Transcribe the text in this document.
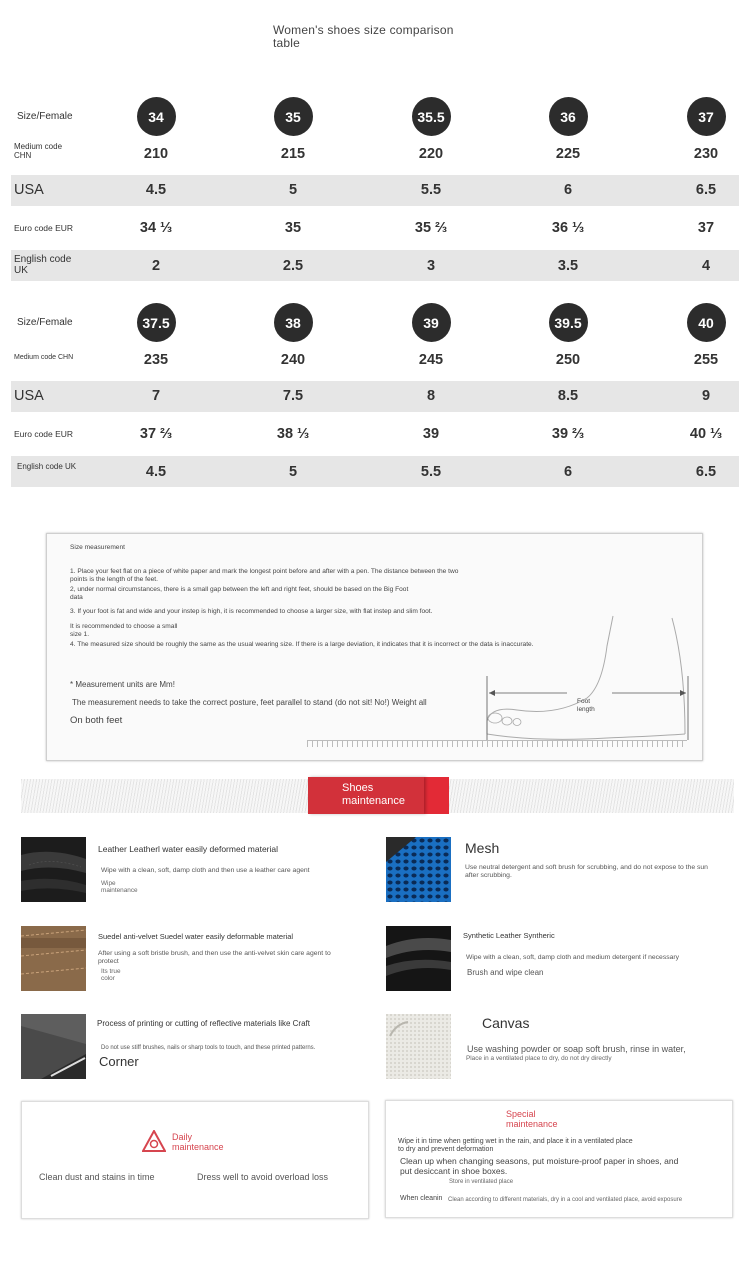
Women's shoes size comparison table
Size/Female	34	35	35.5	36	37
Medium code CHN	210	215	220	225	230
USA	4.5	5	5.5	6	6.5
Euro code EUR	34 ⅓	35	35 ⅔	36 ⅓	37
English code UK	2	2.5	3	3.5	4
Size/Female	37.5	38	39	39.5	40
Medium code CHN	235	240	245	250	255
USA	7	7.5	8	8.5	9
Euro code EUR	37 ⅔	38 ⅓	39	39 ⅔	40 ⅓
English code UK	4.5	5	5.5	6	6.5
Size measurement
1. Place your feet flat on a piece of white paper and mark the longest point before and after with a pen. The distance between the two points is the length of the feet.
2, under normal circumstances, there is a small gap between the left and right feet, should be based on the Big Foot data
3. If your foot is fat and wide and your instep is high, it is recommended to choose a larger size, with flat instep and slim foot.
It is recommended to choose a small size 1.
4. The measured size should be roughly the same as the usual wearing size. If there is a large deviation, it indicates that it is incorrect or the data is inaccurate.
* Measurement units are Mm!
The measurement needs to take the correct posture, feet parallel to stand (do not sit! No!) Weight all
On both feet
Foot length
Shoes maintenance
Leather Leatherl water easily deformed material
Wipe with a clean, soft, damp cloth and then use a leather care agent
Wipe maintenance
Mesh
Use neutral detergent and soft brush for scrubbing, and do not expose to the sun after scrubbing.
Suedel anti-velvet Suedel water easily deformable material
After using a soft bristle brush, and then use the anti-velvet skin care agent to protect
Its true color
Synthetic Leather Syntheric
Wipe with a clean, soft, damp cloth and medium detergent if necessary
Brush and wipe clean
Process of printing or cutting of reflective materials like Craft
Do not use stiff brushes, nails or sharp tools to touch, and these printed patterns.
Corner
Canvas
Use washing powder or soap soft brush, rinse in water,
Place in a ventilated place to dry, do not dry directly
Daily maintenance
Clean dust and stains in time	Dress well to avoid overload loss
Special maintenance
Wipe it in time when getting wet in the rain, and place it in a ventilated place to dry and prevent deformation
Clean up when changing seasons, put moisture-proof paper in shoes, and put desiccant in shoe boxes.
Store in ventilated place
When cleanin Clean according to different materials, dry in a cool and ventilated place, avoid exposure
